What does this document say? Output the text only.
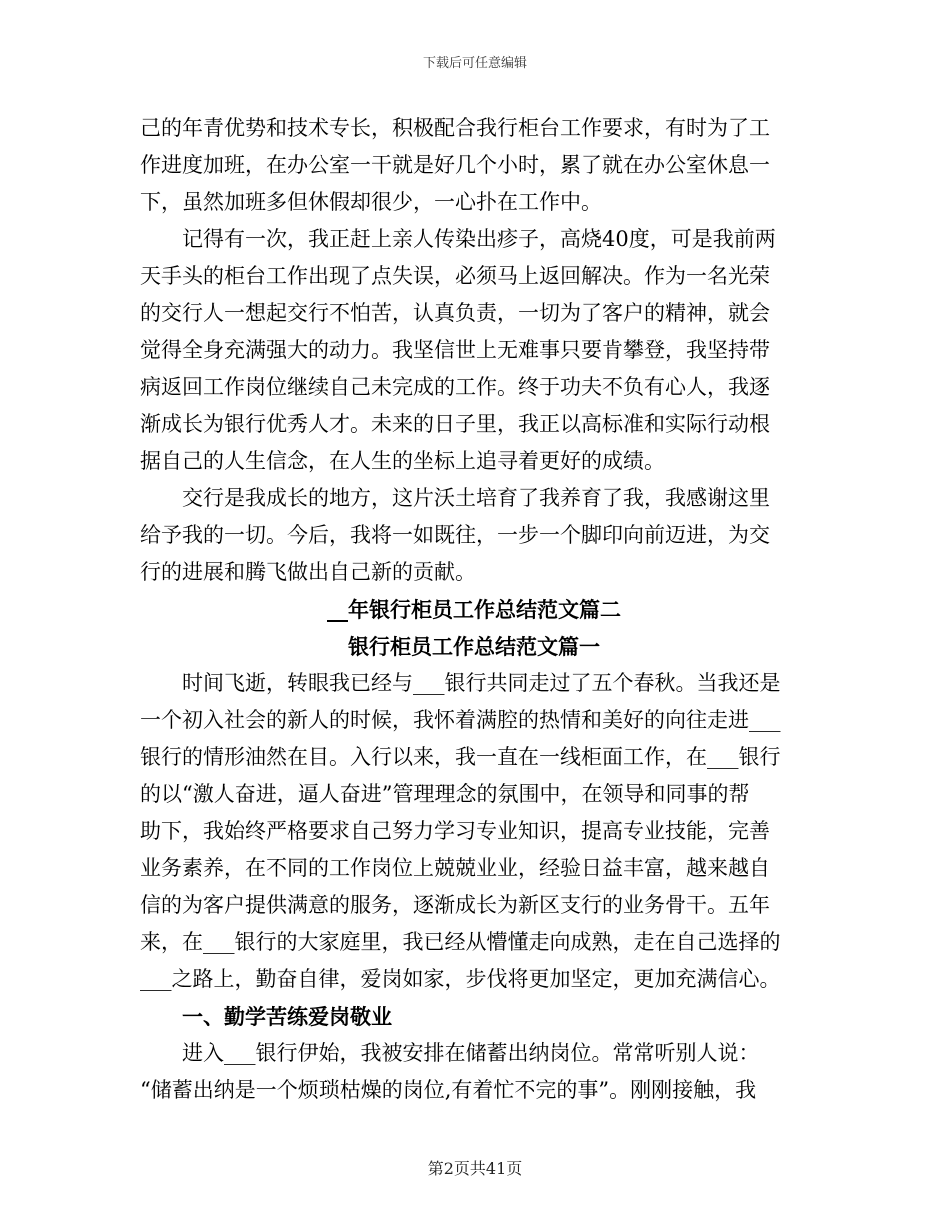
下载后可任意编辑
己的年青优势和技术专长，积极配合我行柜台工作要求，有时为了工
作进度加班，在办公室一干就是好几个小时，累了就在办公室休息一
下，虽然加班多但休假却很少，一心扑在工作中。
　　记得有一次，我正赶上亲人传染出疹子，高烧40度，可是我前两
天手头的柜台工作出现了点失误，必须马上返回解决。作为一名光荣
的交行人一想起交行不怕苦，认真负责，一切为了客户的精神，就会
觉得全身充满强大的动力。我坚信世上无难事只要肯攀登，我坚持带
病返回工作岗位继续自己未完成的工作。终于功夫不负有心人，我逐
渐成长为银行优秀人才。未来的日子里，我正以高标准和实际行动根
据自己的人生信念，在人生的坐标上追寻着更好的成绩。
　　交行是我成长的地方，这片沃土培育了我养育了我，我感谢这里
给予我的一切。今后，我将一如既往，一步一个脚印向前迈进，为交
行的进展和腾飞做出自己新的贡献。
__年银行柜员工作总结范文篇二
银行柜员工作总结范文篇一
　　时间飞逝，转眼我已经与___银行共同走过了五个春秋。当我还是
一个初入社会的新人的时候，我怀着满腔的热情和美好的向往走进___
银行的情形油然在目。入行以来，我一直在一线柜面工作，在___银行
的以“激人奋进，逼人奋进”管理理念的氛围中，在领导和同事的帮
助下，我始终严格要求自己努力学习专业知识，提高专业技能，完善
业务素养，在不同的工作岗位上兢兢业业，经验日益丰富，越来越自
信的为客户提供满意的服务，逐渐成长为新区支行的业务骨干。五年
来，在___银行的大家庭里，我已经从懵懂走向成熟，走在自己选择的
___之路上，勤奋自律，爱岗如家，步伐将更加坚定，更加充满信心。
　　一、勤学苦练爱岗敬业
　　进入___银行伊始，我被安排在储蓄出纳岗位。常常听别人说：
“储蓄出纳是一个烦琐枯燥的岗位,有着忙不完的事”。刚刚接触，我
第2页共41页
